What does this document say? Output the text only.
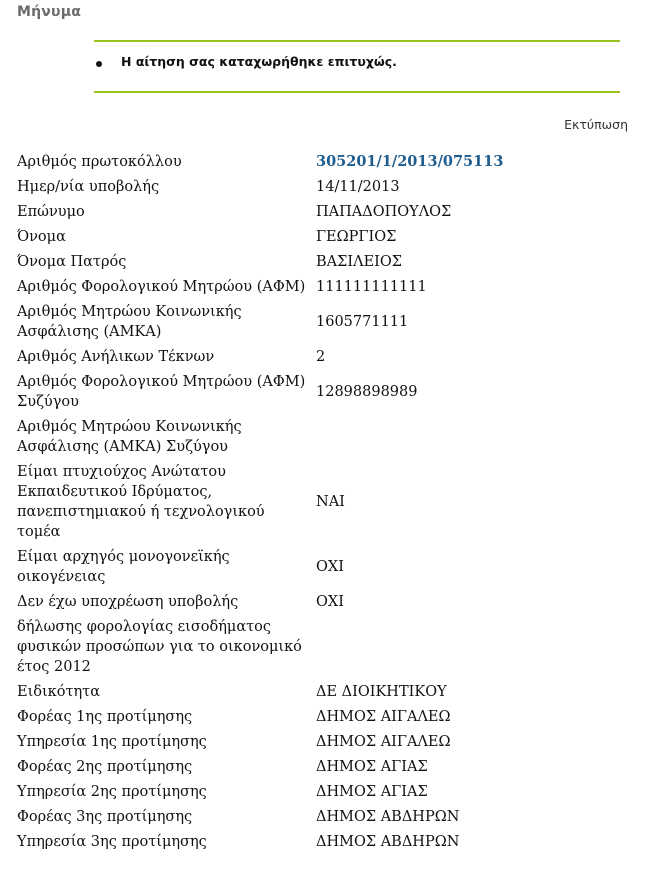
Μήνυμα
Η αίτηση σας καταχωρήθηκε επιτυχώς.
Εκτύπωση
Αριθμός πρωτοκόλλου	305201/1/2013/075113
Ημερ/νία υποβολής	14/11/2013
Επώνυμο	ΠΑΠΑΔΟΠΟΥΛΟΣ
Όνομα	ΓΕΩΡΓΙΟΣ
Όνομα Πατρός	ΒΑΣΙΛΕΙΟΣ
Αριθμός Φορολογικού Μητρώου (ΑΦΜ)	111111111111
Αριθμός Μητρώου Κοινωνικής Ασφάλισης (ΑΜΚΑ)	1605771111
Αριθμός Ανήλικων Τέκνων	2
Αριθμός Φορολογικού Μητρώου (ΑΦΜ) Συζύγου	12898898989
Αριθμός Μητρώου Κοινωνικής Ασφάλισης (ΑΜΚΑ) Συζύγου	
Είμαι πτυχιούχος Ανώτατου Εκπαιδευτικού Ιδρύματος, πανεπιστημιακού ή τεχνολογικού τομέα	ΝΑΙ
Είμαι αρχηγός μονογονεϊκής οικογένειας	ΟΧΙ
Δεν έχω υποχρέωση υποβολής	ΟΧΙ
δήλωσης φορολογίας εισοδήματος φυσικών προσώπων για το οικονομικό έτος 2012	
Ειδικότητα	ΔΕ ΔΙΟΙΚΗΤΙΚΟΥ
Φορέας 1ης προτίμησης	ΔΗΜΟΣ ΑΙΓΑΛΕΩ
Υπηρεσία 1ης προτίμησης	ΔΗΜΟΣ ΑΙΓΑΛΕΩ
Φορέας 2ης προτίμησης	ΔΗΜΟΣ ΑΓΙΑΣ
Υπηρεσία 2ης προτίμησης	ΔΗΜΟΣ ΑΓΙΑΣ
Φορέας 3ης προτίμησης	ΔΗΜΟΣ ΑΒΔΗΡΩΝ
Υπηρεσία 3ης προτίμησης	ΔΗΜΟΣ ΑΒΔΗΡΩΝ
